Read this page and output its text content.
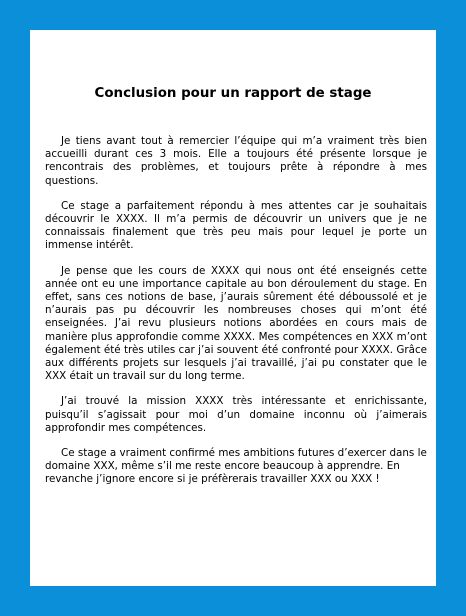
Conclusion pour un rapport de stage

Je tiens avant tout à remercier l’équipe qui m’a vraiment très bien accueilli durant ces 3 mois. Elle a toujours été présente lorsque je rencontrais des problèmes, et toujours prête à répondre à mes questions.

Ce stage a parfaitement répondu à mes attentes car je souhaitais découvrir le XXXX. Il m’a permis de découvrir un univers que je ne connaissais finalement que très peu mais pour lequel je porte un immense intérêt.

Je pense que les cours de XXXX qui nous ont été enseignés cette année ont eu une importance capitale au bon déroulement du stage. En effet, sans ces notions de base, j’aurais sûrement été déboussolé et je n’aurais pas pu découvrir les nombreuses choses qui m’ont été enseignées. J’ai revu plusieurs notions abordées en cours mais de manière plus approfondie comme XXXX. Mes compétences en XXX m’ont également été très utiles car j’ai souvent été confronté pour XXXX. Grâce aux différents projets sur lesquels j’ai travaillé, j’ai pu constater que le XXX était un travail sur du long terme.

J’ai trouvé la mission XXXX très intéressante et enrichissante, puisqu’il s’agissait pour moi d’un domaine inconnu où j’aimerais approfondir mes compétences.

Ce stage a vraiment confirmé mes ambitions futures d’exercer dans le domaine XXX, même s’il me reste encore beaucoup à apprendre. En revanche j’ignore encore si je préfèrerais travailler XXX ou XXX !
